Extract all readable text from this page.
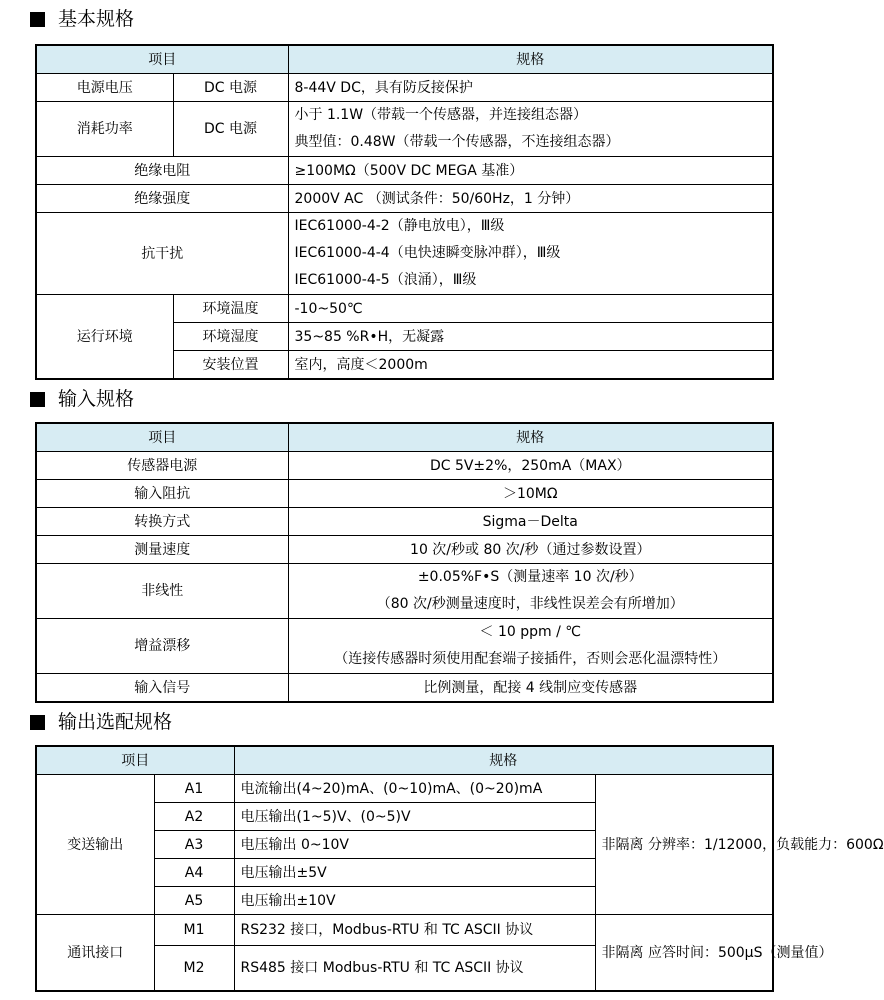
基本规格
项目		规格
电源电压	DC 电源	8-44V DC，具有防反接保护
消耗功率	DC 电源	小于 1.1W（带载一个传感器，并连接组态器）
典型值：0.48W（带载一个传感器，不连接组态器）

绝缘电阻		≥100MΩ（500V DC MEGA 基准）
绝缘强度		2000V AC （测试条件：50/60Hz，1 分钟）
抗干扰		IEC61000-4-2（静电放电），Ⅲ级
IEC61000-4-4（电快速瞬变脉冲群），Ⅲ级
IEC61000-4-5（浪涌），Ⅲ级

运行环境	环境温度	-10~50℃
	环境湿度	35~85 %R•H，无凝露
	安装位置	室内，高度＜2000m
输入规格
项目	规格
传感器电源	DC 5V±2%，250mA（MAX）
输入阻抗	＞10MΩ
转换方式	Sigma－Delta
测量速度	10 次/秒或 80 次/秒（通过参数设置）
非线性	±0.05%F•S（测量速率 10 次/秒）
（80 次/秒测量速度时，非线性误差会有所增加）

增益漂移	＜ 10 ppm / ℃
（连接传感器时须使用配套端子接插件，否则会恶化温漂特性）

输入信号	比例测量，配接 4 线制应变传感器
输出选配规格
项目		规格	
变送输出	A1	电流输出(4~20)mA、(0~10)mA、(0~20)mA	非隔离 分辨率：1/12000，负载能力：600Ω
	A2	电压输出(1~5)V、(0~5)V	
	A3	电压输出 0~10V	
	A4	电压输出±5V	
	A5	电压输出±10V	
通讯接口	M1	RS232 接口，Modbus-RTU 和 TC ASCII 协议	非隔离 应答时间：500μS（测量值）
	M2	RS485 接口 Modbus-RTU 和 TC ASCII 协议	
